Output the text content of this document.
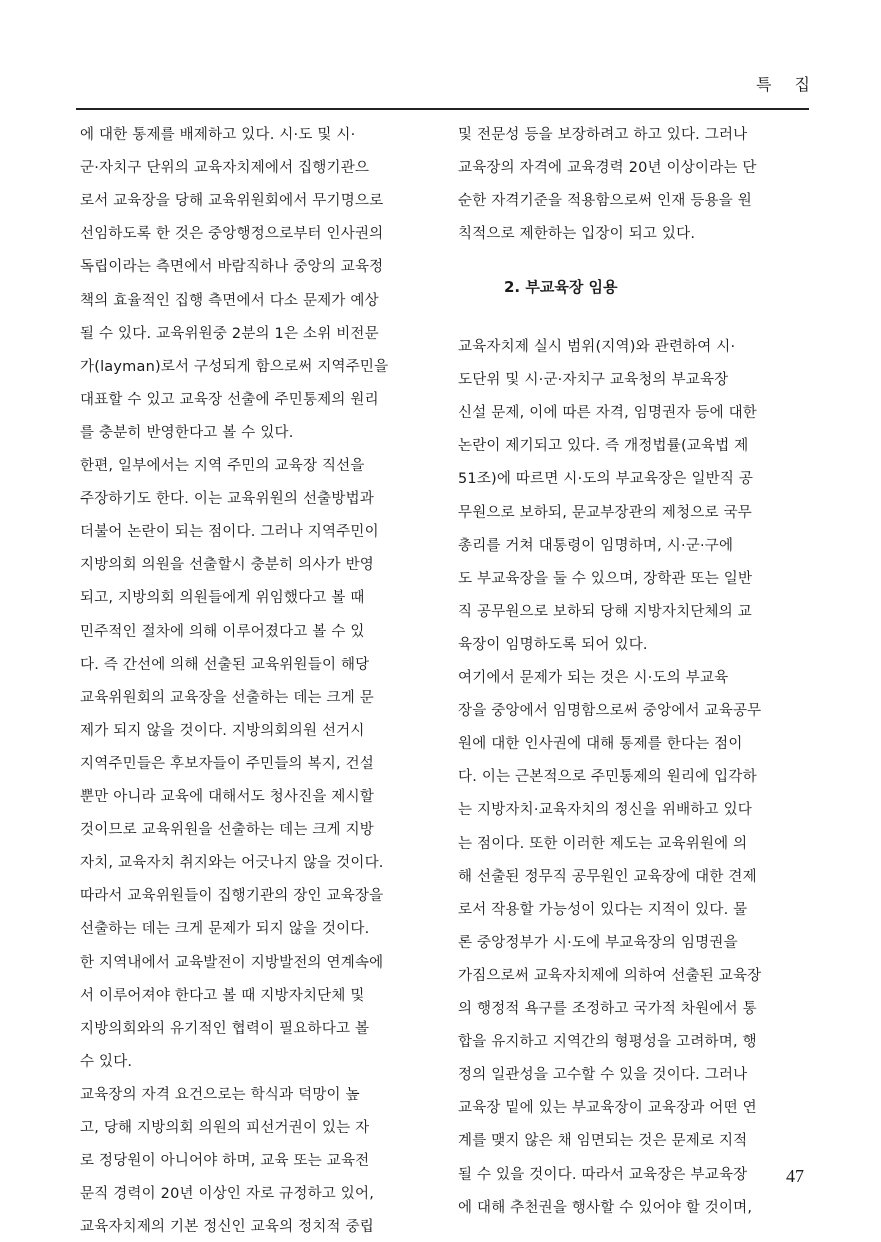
특 집
에 대한 통제를 배제하고 있다. 시·도 및 시·
군·자치구 단위의 교육자치제에서 집행기관으
로서 교육장을 당해 교육위원회에서 무기명으로
선임하도록 한 것은 중앙행정으로부터 인사권의
독립이라는 측면에서 바람직하나 중앙의 교육정
책의 효율적인 집행 측면에서 다소 문제가 예상
될 수 있다. 교육위원중 2분의 1은 소위 비전문
가(layman)로서 구성되게 함으로써 지역주민을
대표할 수 있고 교육장 선출에 주민통제의 원리
를 충분히 반영한다고 볼 수 있다.
한편, 일부에서는 지역 주민의 교육장 직선을
주장하기도 한다. 이는 교육위원의 선출방법과
더불어 논란이 되는 점이다. 그러나 지역주민이
지방의회 의원을 선출할시 충분히 의사가 반영
되고, 지방의회 의원들에게 위임했다고 볼 때
민주적인 절차에 의해 이루어졌다고 볼 수 있
다. 즉 간선에 의해 선출된 교육위원들이 해당
교육위원회의 교육장을 선출하는 데는 크게 문
제가 되지 않을 것이다. 지방의회의원 선거시
지역주민들은 후보자들이 주민들의 복지, 건설
뿐만 아니라 교육에 대해서도 청사진을 제시할
것이므로 교육위원을 선출하는 데는 크게 지방
자치, 교육자치 취지와는 어긋나지 않을 것이다.
따라서 교육위원들이 집행기관의 장인 교육장을
선출하는 데는 크게 문제가 되지 않을 것이다.
한 지역내에서 교육발전이 지방발전의 연계속에
서 이루어져야 한다고 볼 때 지방자치단체 및
지방의회와의 유기적인 협력이 필요하다고 볼
수 있다.
교육장의 자격 요건으로는 학식과 덕망이 높
고, 당해 지방의회 의원의 피선거권이 있는 자
로 정당원이 아니어야 하며, 교육 또는 교육전
문직 경력이 20년 이상인 자로 규정하고 있어,
교육자치제의 기본 정신인 교육의 정치적 중립
및 전문성 등을 보장하려고 하고 있다. 그러나
교육장의 자격에 교육경력 20년 이상이라는 단
순한 자격기준을 적용함으로써 인재 등용을 원
칙적으로 제한하는 입장이 되고 있다.
2. 부교육장 임용
교육자치제 실시 범위(지역)와 관련하여 시·
도단위 및 시·군·자치구 교육청의 부교육장
신설 문제, 이에 따른 자격, 임명권자 등에 대한
논란이 제기되고 있다. 즉 개정법률(교육법 제
51조)에 따르면 시·도의 부교육장은 일반직 공
무원으로 보하되, 문교부장관의 제청으로 국무
총리를 거쳐 대통령이 임명하며, 시·군·구에
도 부교육장을 둘 수 있으며, 장학관 또는 일반
직 공무원으로 보하되 당해 지방자치단체의 교
육장이 임명하도록 되어 있다.
여기에서 문제가 되는 것은 시·도의 부교육
장을 중앙에서 임명함으로써 중앙에서 교육공무
원에 대한 인사권에 대해 통제를 한다는 점이
다. 이는 근본적으로 주민통제의 원리에 입각하
는 지방자치·교육자치의 정신을 위배하고 있다
는 점이다. 또한 이러한 제도는 교육위원에 의
해 선출된 정무직 공무원인 교육장에 대한 견제
로서 작용할 가능성이 있다는 지적이 있다. 물
론 중앙정부가 시·도에 부교육장의 임명권을
가짐으로써 교육자치제에 의하여 선출된 교육장
의 행정적 욕구를 조정하고 국가적 차원에서 통
합을 유지하고 지역간의 형평성을 고려하며, 행
정의 일관성을 고수할 수 있을 것이다. 그러나
교육장 밑에 있는 부교육장이 교육장과 어떤 연
계를 맺지 않은 채 임면되는 것은 문제로 지적
될 수 있을 것이다. 따라서 교육장은 부교육장
에 대해 추천권을 행사할 수 있어야 할 것이며,
47
